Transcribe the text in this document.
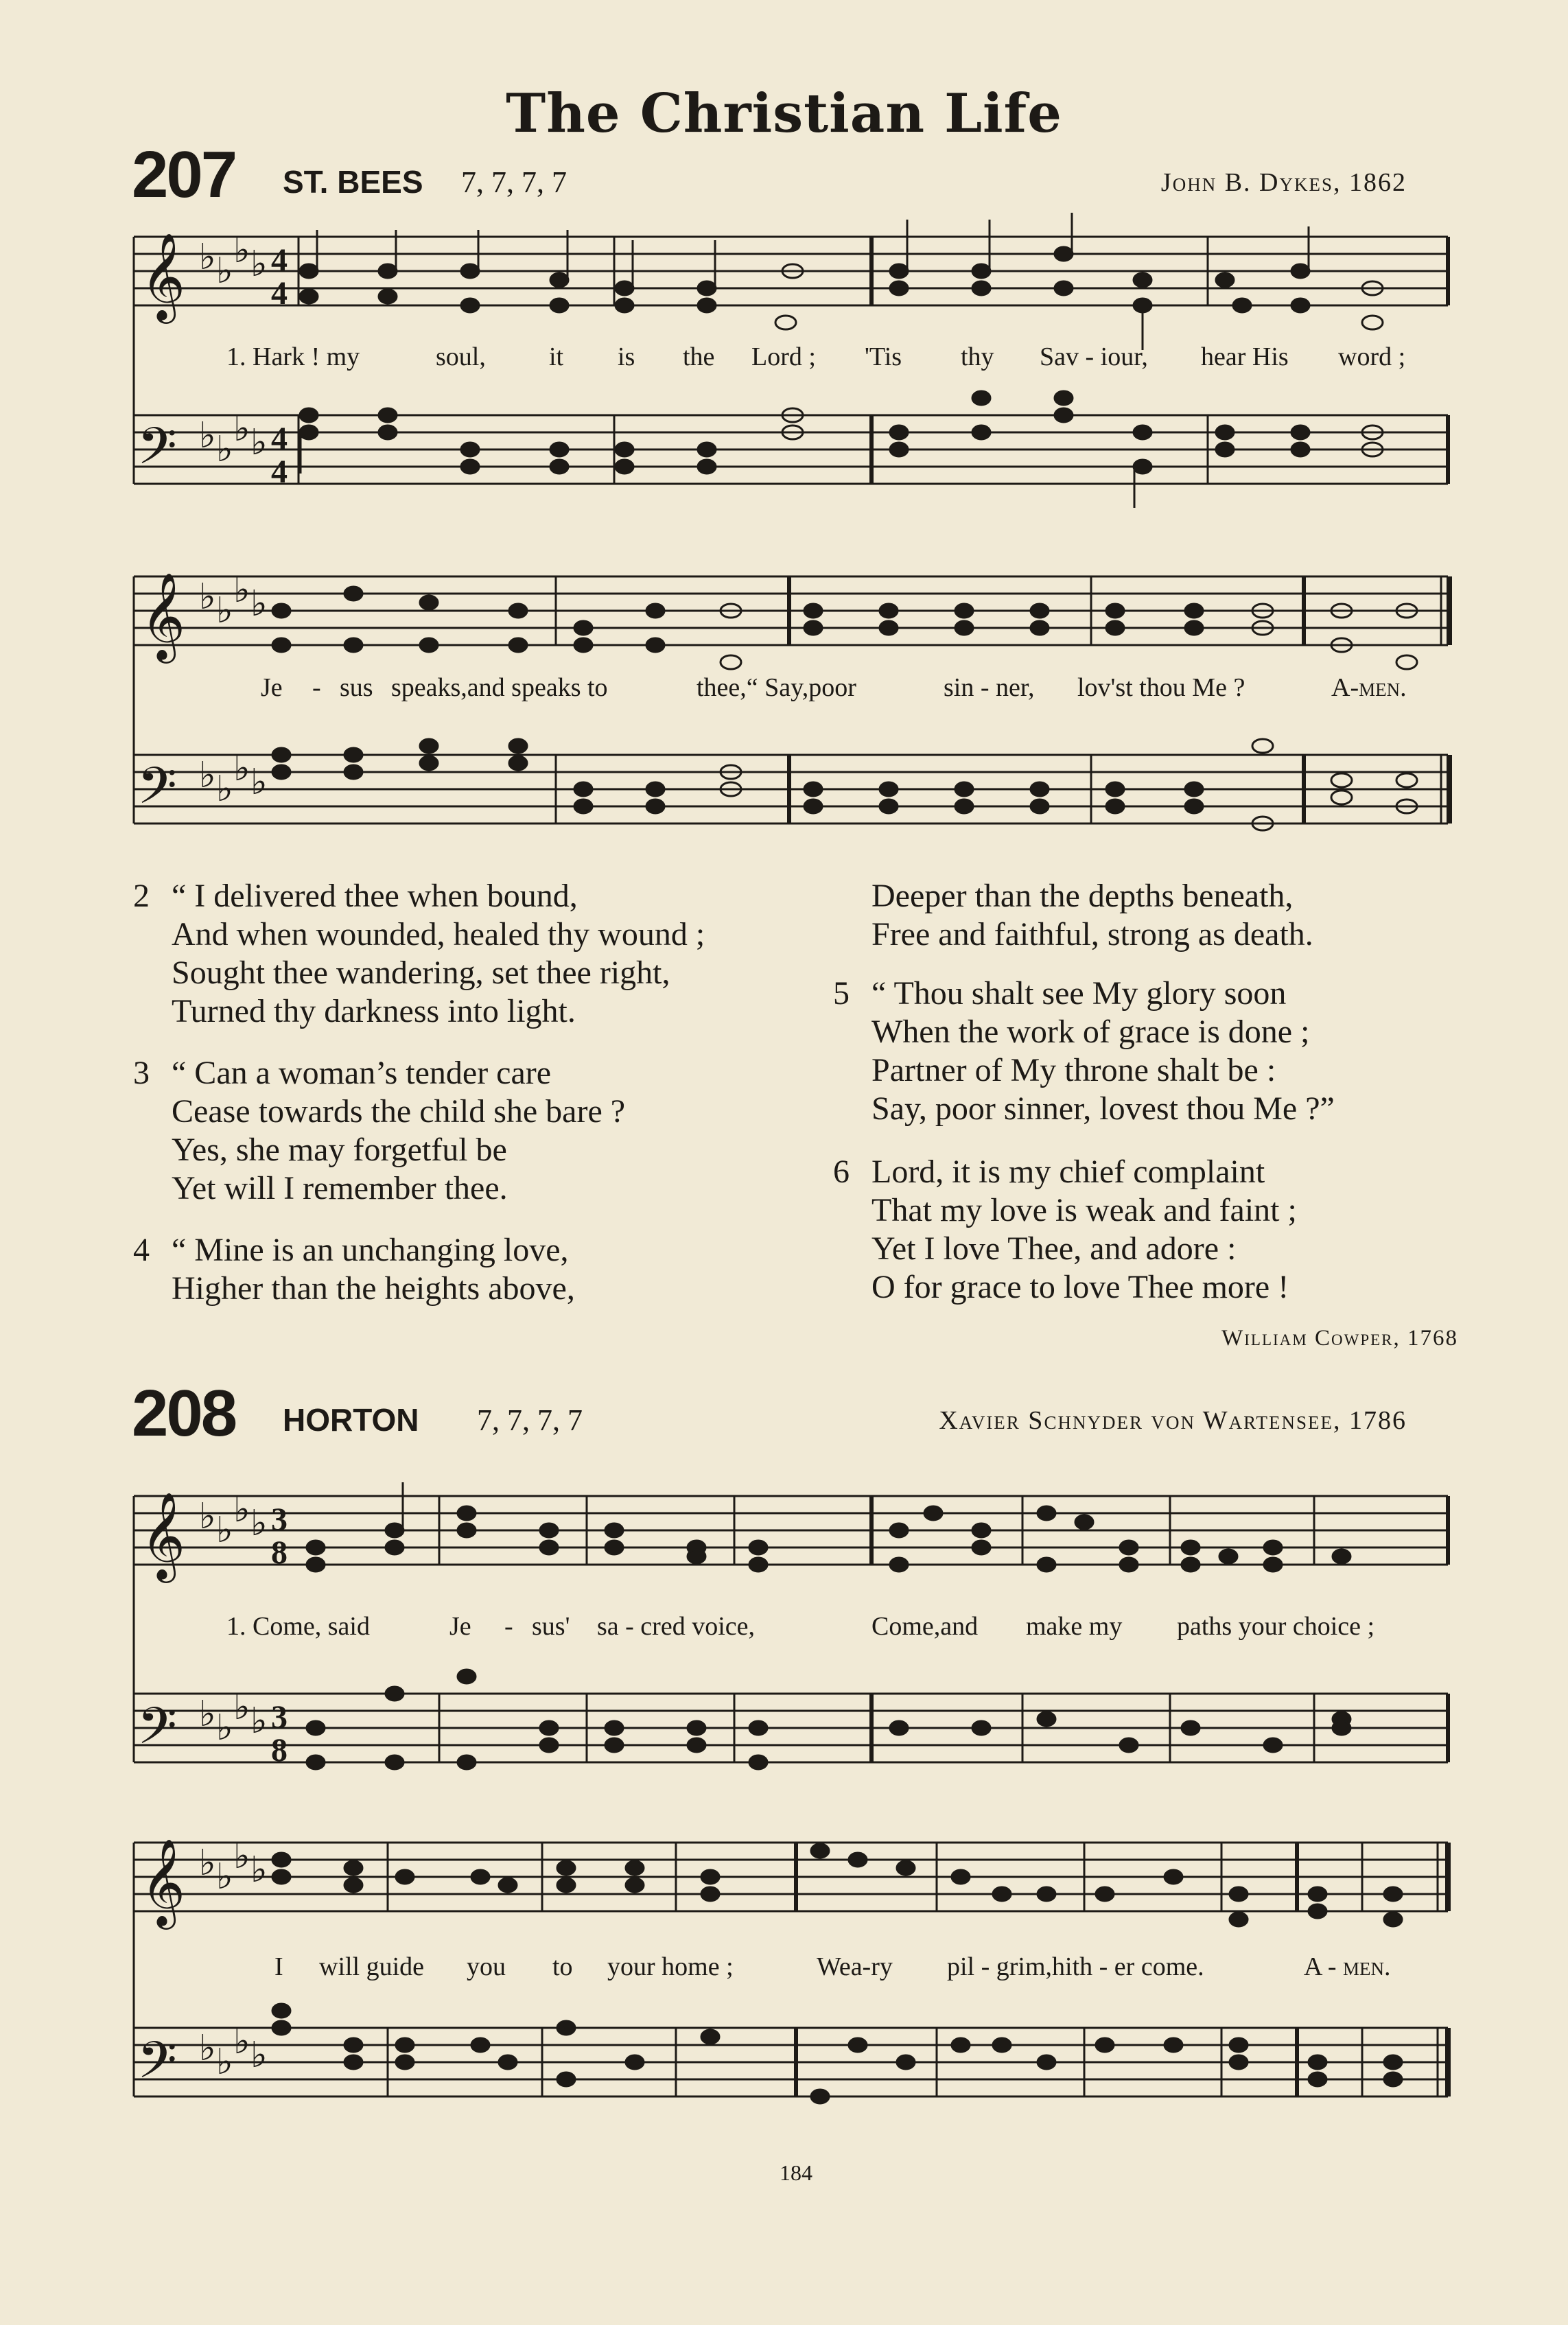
The Christian Life
207 ST. BEES 7, 7, 7, 7	John B. Dykes, 1862
𝄞 ♭ ♭ ♭ ♭ 4
4
𝄢 ♭ ♭ ♭ ♭ 4
4
𝄞 ♭ ♭ ♭ ♭
𝄢 ♭ ♭ ♭ ♭
1. Hark ! my	soul, it is the Lord ; 'Tis thy Sav - iour, hear His word ;
Je - sus speaks,and speaks to	thee,“ Say,poor	sin - ner, lov'st thou Me ?	A-men.
2 “ I delivered thee when bound,
And when wounded, healed thy wound ;
Sought thee wandering, set thee right,
Turned thy darkness into light.
3 “ Can a woman’s tender care
Cease towards the child she bare ?
Yes, she may forgetful be
Yet will I remember thee.
4 “ Mine is an unchanging love,
Higher than the heights above,
Deeper than the depths beneath,
Free and faithful, strong as death.
5 “ Thou shalt see My glory soon
When the work of grace is done ;
Partner of My throne shalt be :
Say, poor sinner, lovest thou Me ?”
6 Lord, it is my chief complaint
That my love is weak and faint ;
Yet I love Thee, and adore :
O for grace to love Thee more !
William Cowper, 1768
208 HORTON 7, 7, 7, 7	Xavier Schnyder von Wartensee, 1786
𝄞 ♭ ♭ ♭ ♭ 3
8
𝄢 ♭ ♭ ♭ ♭ 3
8
𝄞 ♭ ♭ ♭ ♭
𝄢 ♭ ♭ ♭ ♭
1. Come, said	Je - sus' sa - cred voice,	Come,and make my paths your choice ;
I will guide you to your home ;	Wea-ry pil - grim,hith - er come.	A - men.
184
